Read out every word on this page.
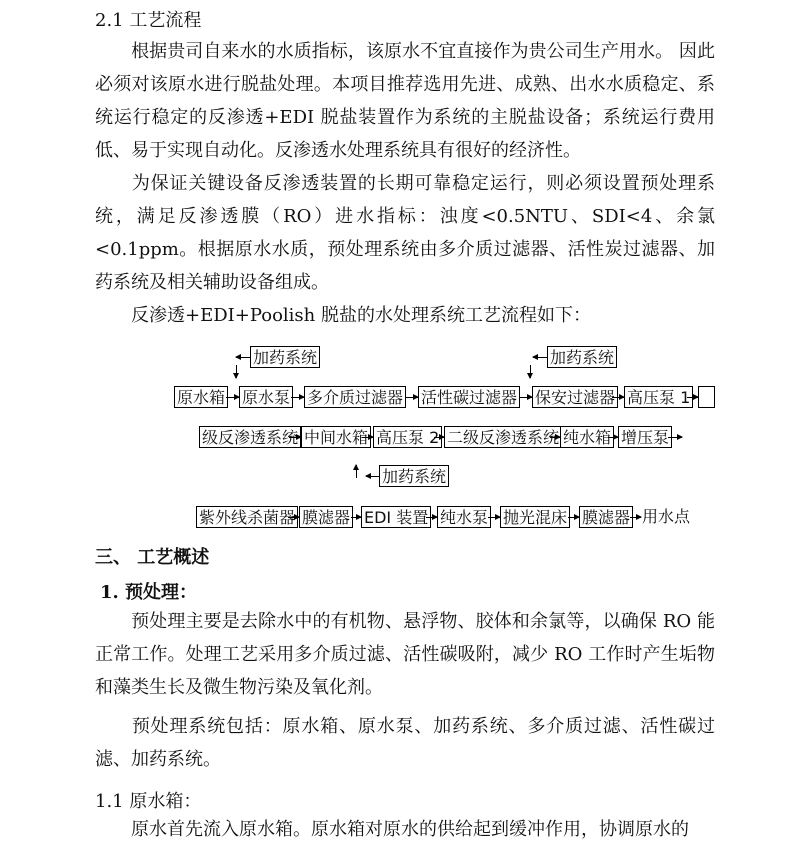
2.1 工艺流程
根据贵司自来水的水质指标，该原水不宜直接作为贵公司生产用水。 因此必须对该原水进行脱盐处理。本项目推荐选用先进、成熟、出水水质稳定、系统运行稳定的反渗透+EDI 脱盐装置作为系统的主脱盐设备；系统运行费用低、易于实现自动化。反渗透水处理系统具有很好的经济性。
为保证关键设备反渗透装置的长期可靠稳定运行，则必须设置预处理系统，满足反渗透膜（RO）进水指标：浊度<0.5NTU、SDI<4、余氯<0.1ppm。根据原水水质，预处理系统由多介质过滤器、活性炭过滤器、加药系统及相关辅助设备组成。
反渗透+EDI+Poolish 脱盐的水处理系统工艺流程如下：
加药系统	加药系统
原水箱 原水泵 多介质过滤器 活性碳过滤器 保安过滤器 高压泵 1
级反渗透系统 中间水箱 高压泵 2 二级反渗透系统 纯水箱 增压泵
加药系统
紫外线杀菌器 膜滤器 EDI 装置 纯水泵 抛光混床 膜滤器 用水点
三、 工艺概述
1. 预处理：
预处理主要是去除水中的有机物、悬浮物、胶体和余氯等，以确保 RO 能正常工作。处理工艺采用多介质过滤、活性碳吸附，减少 RO 工作时产生垢物和藻类生长及微生物污染及氧化剂。
预处理系统包括：原水箱、原水泵、加药系统、多介质过滤、活性碳过滤、加药系统。
1.1 原水箱：
原水首先流入原水箱。原水箱对原水的供给起到缓冲作用，协调原水的
